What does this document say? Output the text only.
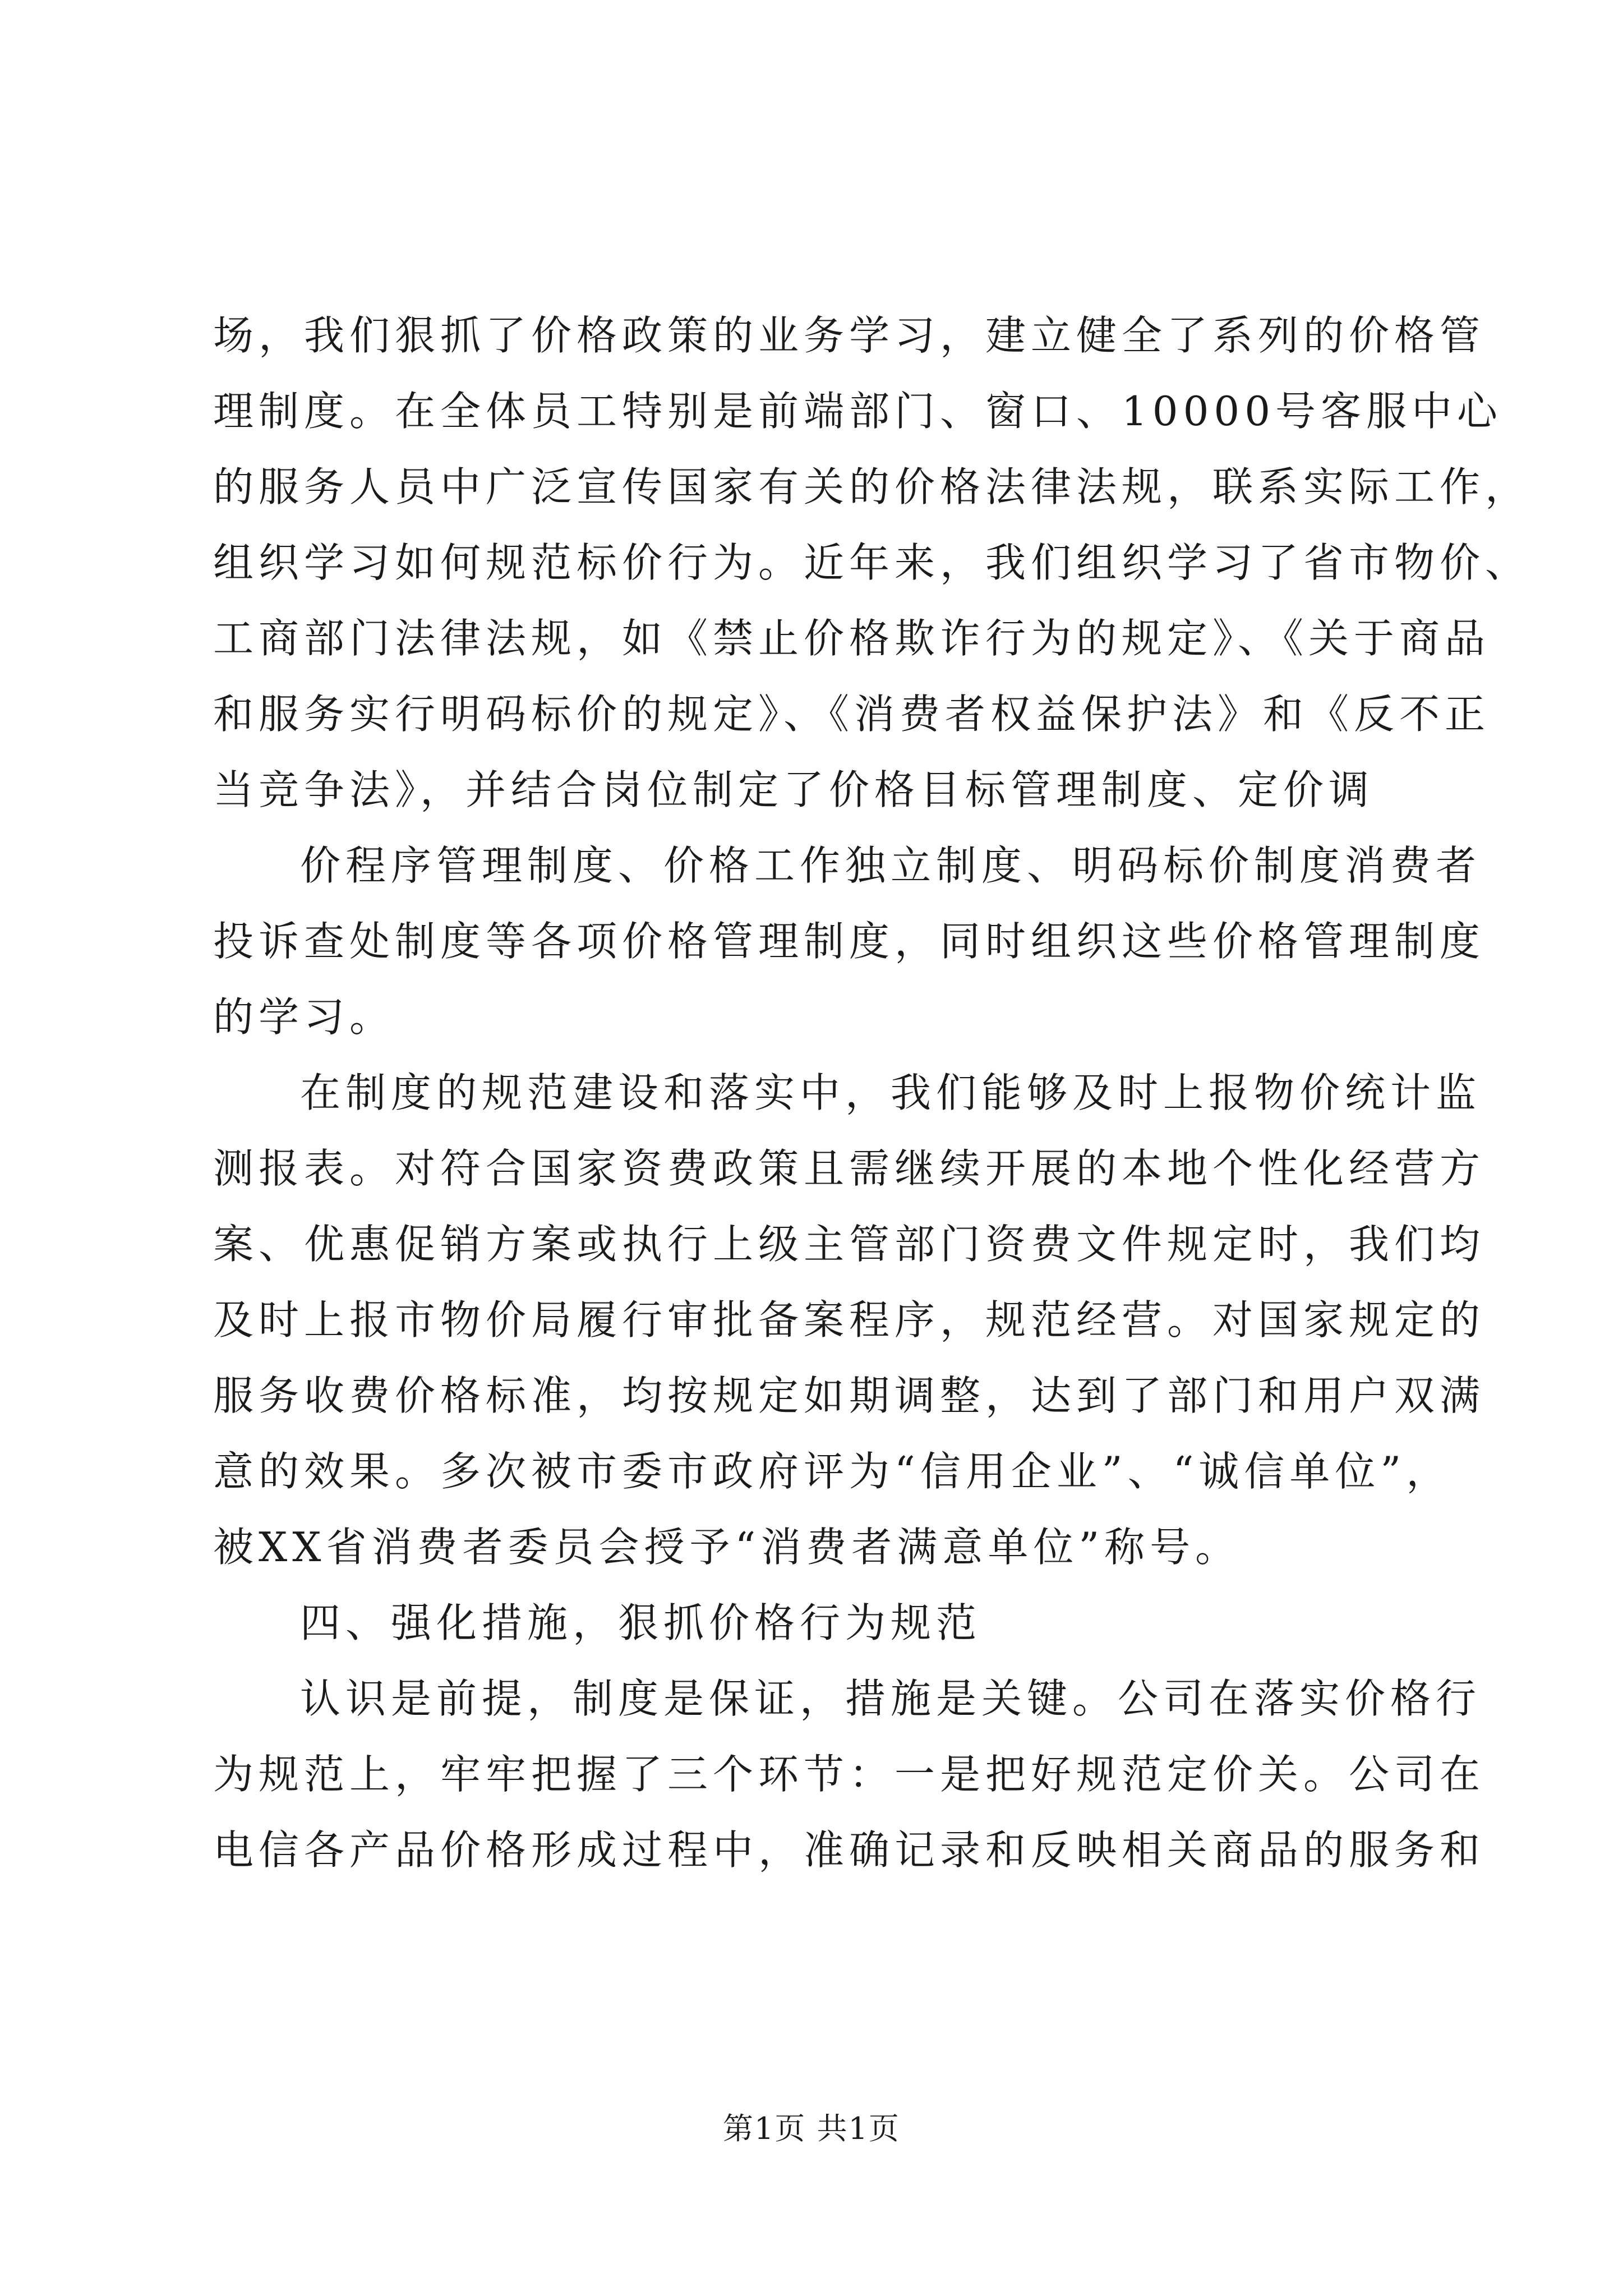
场，我们狠抓了价格政策的业务学习，建立健全了系列的价格管
理制度。在全体员工特别是前端部门、窗口、10000号客服中心
的服务人员中广泛宣传国家有关的价格法律法规，联系实际工作，
组织学习如何规范标价行为。近年来，我们组织学习了省市物价、
工商部门法律法规，如《禁止价格欺诈行为的规定》、《关于商品
和服务实行明码标价的规定》、《消费者权益保护法》和《反不正
当竞争法》，并结合岗位制定了价格目标管理制度、定价调
价程序管理制度、价格工作独立制度、明码标价制度消费者
投诉查处制度等各项价格管理制度，同时组织这些价格管理制度
的学习。
在制度的规范建设和落实中，我们能够及时上报物价统计监
测报表。对符合国家资费政策且需继续开展的本地个性化经营方
案、优惠促销方案或执行上级主管部门资费文件规定时，我们均
及时上报市物价局履行审批备案程序，规范经营。对国家规定的
服务收费价格标准，均按规定如期调整，达到了部门和用户双满
意的效果。多次被市委市政府评为“信用企业”、“诚信单位”，
被XX省消费者委员会授予“消费者满意单位”称号。
四、强化措施，狠抓价格行为规范
认识是前提，制度是保证，措施是关键。公司在落实价格行
为规范上，牢牢把握了三个环节：一是把好规范定价关。公司在
电信各产品价格形成过程中，准确记录和反映相关商品的服务和
第1页 共1页
